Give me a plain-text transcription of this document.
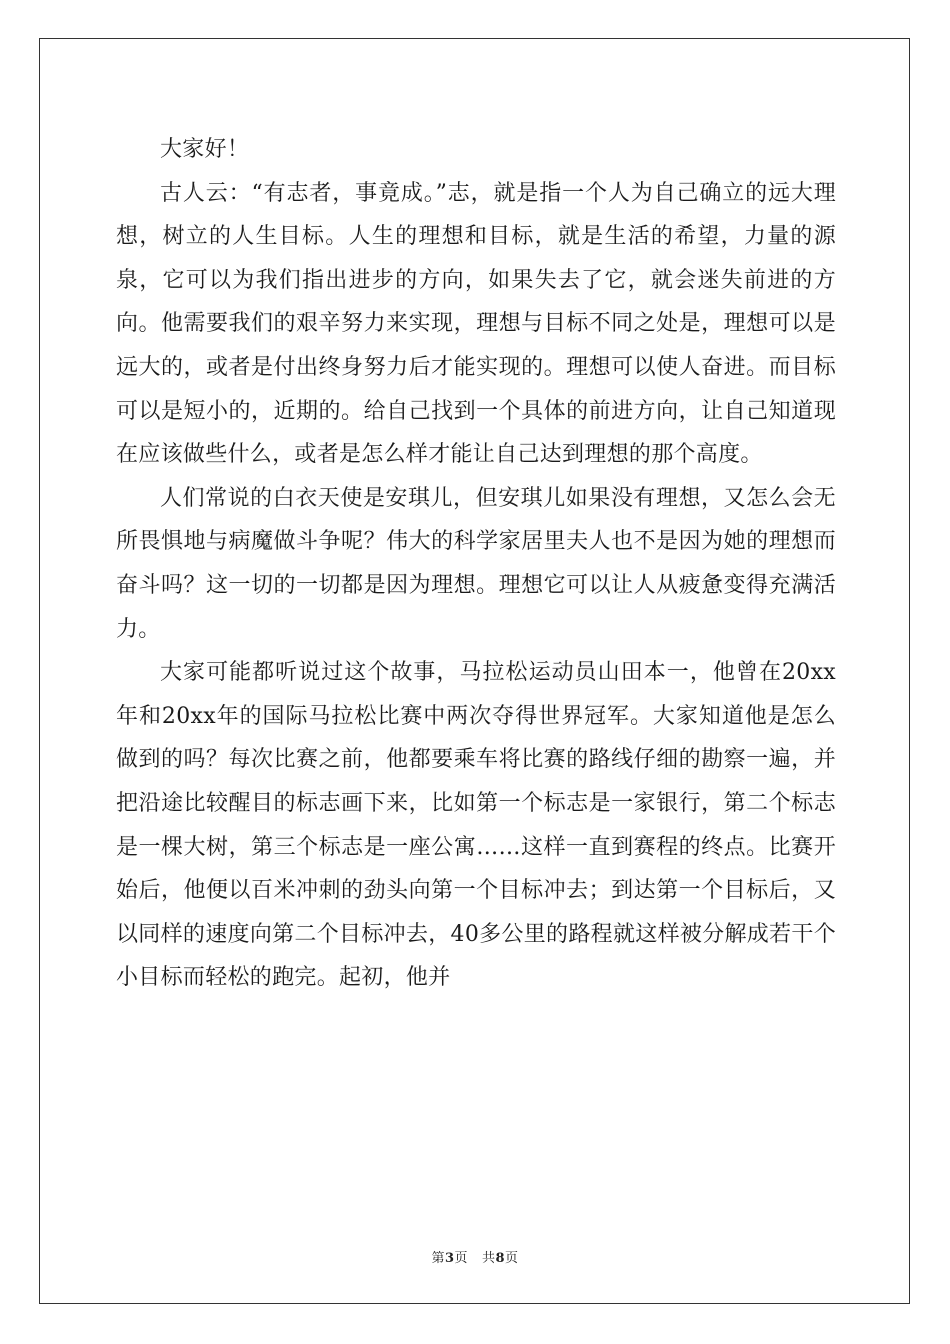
大家好！

古人云：“有志者，事竟成。”志，就是指一个人为自己确立的远大理想，树立的人生目标。人生的理想和目标，就是生活的希望，力量的源泉，它可以为我们指出进步的方向，如果失去了它，就会迷失前进的方向。他需要我们的艰辛努力来实现，理想与目标不同之处是，理想可以是远大的，或者是付出终身努力后才能实现的。理想可以使人奋进。而目标可以是短小的，近期的。给自己找到一个具体的前进方向，让自己知道现在应该做些什么，或者是怎么样才能让自己达到理想的那个高度。

人们常说的白衣天使是安琪儿，但安琪儿如果没有理想，又怎么会无所畏惧地与病魔做斗争呢？伟大的科学家居里夫人也不是因为她的理想而奋斗吗？这一切的一切都是因为理想。理想它可以让人从疲惫变得充满活力。

大家可能都听说过这个故事，马拉松运动员山田本一，他曾在20xx年和20xx年的国际马拉松比赛中两次夺得世界冠军。大家知道他是怎么做到的吗？每次比赛之前，他都要乘车将比赛的路线仔细的勘察一遍，并把沿途比较醒目的标志画下来，比如第一个标志是一家银行，第二个标志是一棵大树，第三个标志是一座公寓……这样一直到赛程的终点。比赛开始后，他便以百米冲刺的劲头向第一个目标冲去；到达第一个目标后，又以同样的速度向第二个目标冲去，40多公里的路程就这样被分解成若干个小目标而轻松的跑完。起初，他并

第3页 共8页
